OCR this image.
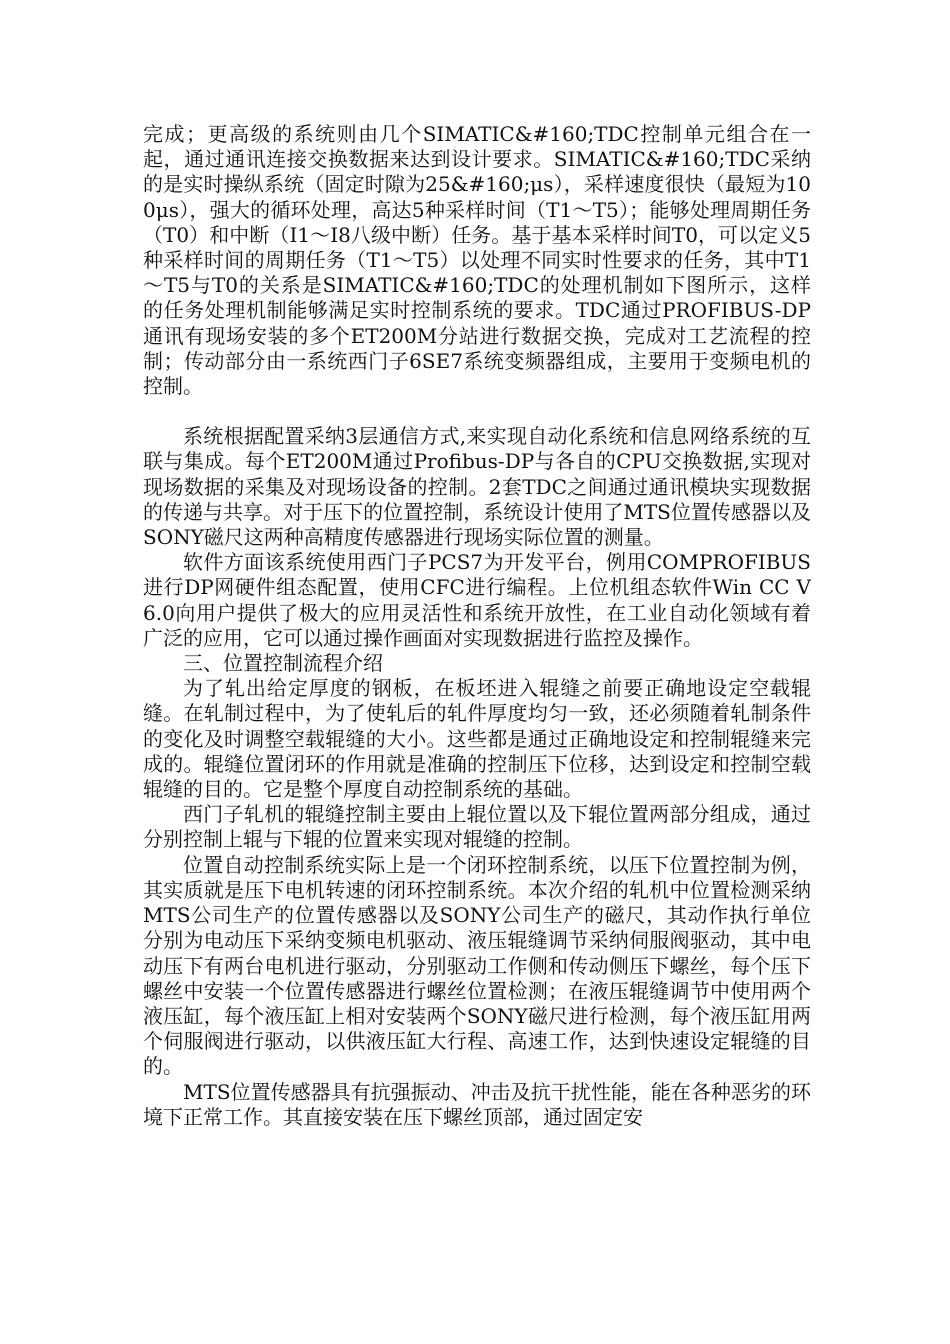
完成；更高级的系统则由几个SIMATIC&#160;TDC控制单元组合在一起，通过通讯连接交换数据来达到设计要求。SIMATIC&#160;TDC采纳的是实时操纵系统（固定时隙为25&#160;μs），采样速度很快（最短为100μs），强大的循环处理，高达5种采样时间（T1～T5）；能够处理周期任务（T0）和中断（I1～I8八级中断）任务。基于基本采样时间T0，可以定义5种采样时间的周期任务（T1～T5）以处理不同实时性要求的任务，其中T1～T5与T0的关系是SIMATIC&#160;TDC的处理机制如下图所示，这样的任务处理机制能够满足实时控制系统的要求。TDC通过PROFIBUS-DP通讯有现场安装的多个ET200M分站进行数据交换，完成对工艺流程的控制；传动部分由一系统西门子6SE7系统变频器组成，主要用于变频电机的控制。

系统根据配置采纳3层通信方式,来实现自动化系统和信息网络系统的互联与集成。每个ET200M通过Profibus-DP与各自的CPU交换数据,实现对现场数据的采集及对现场设备的控制。2套TDC之间通过通讯模块实现数据的传递与共享。对于压下的位置控制，系统设计使用了MTS位置传感器以及SONY磁尺这两种高精度传感器进行现场实际位置的测量。

软件方面该系统使用西门子PCS7为开发平台，例用COMPROFIBUS进行DP网硬件组态配置，使用CFC进行编程。上位机组态软件Win CC V6.0向用户提供了极大的应用灵活性和系统开放性，在工业自动化领域有着广泛的应用，它可以通过操作画面对实现数据进行监控及操作。

三、位置控制流程介绍

为了轧出给定厚度的钢板，在板坯进入辊缝之前要正确地设定空载辊缝。在轧制过程中，为了使轧后的轧件厚度均匀一致，还必须随着轧制条件的变化及时调整空载辊缝的大小。这些都是通过正确地设定和控制辊缝来完成的。辊缝位置闭环的作用就是准确的控制压下位移，达到设定和控制空载辊缝的目的。它是整个厚度自动控制系统的基础。

西门子轧机的辊缝控制主要由上辊位置以及下辊位置两部分组成，通过分别控制上辊与下辊的位置来实现对辊缝的控制。

位置自动控制系统实际上是一个闭环控制系统，以压下位置控制为例，其实质就是压下电机转速的闭环控制系统。本次介绍的轧机中位置检测采纳MTS公司生产的位置传感器以及SONY公司生产的磁尺，其动作执行单位分别为电动压下采纳变频电机驱动、液压辊缝调节采纳伺服阀驱动，其中电动压下有两台电机进行驱动，分别驱动工作侧和传动侧压下螺丝，每个压下螺丝中安装一个位置传感器进行螺丝位置检测；在液压辊缝调节中使用两个液压缸，每个液压缸上相对安装两个SONY磁尺进行检测，每个液压缸用两个伺服阀进行驱动，以供液压缸大行程、高速工作，达到快速设定辊缝的目的。

MTS位置传感器具有抗强振动、冲击及抗干扰性能，能在各种恶劣的环境下正常工作。其直接安装在压下螺丝顶部，通过固定安
